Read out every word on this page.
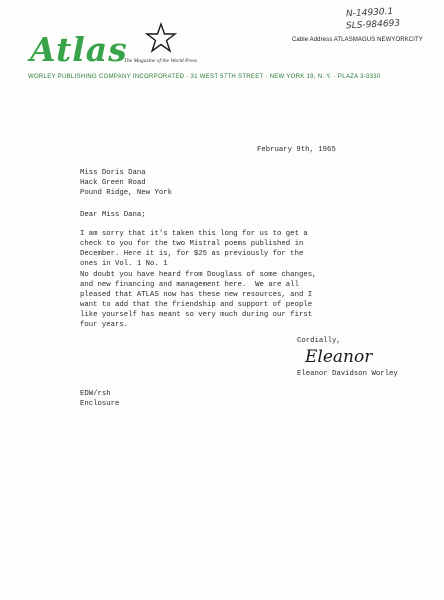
N-14930.1
SLS-984693
Atlas
The Magazine of the World Press
Cable Address ATLASMAGUS NEWYORKCITY
WORLEY PUBLISHING COMPANY INCORPORATED · 31 WEST 57TH STREET · NEW YORK 19, N. Y. · PLAZA 3-3330
February 9th, 1965
Miss Doris Dana
Hack Green Road
Pound Ridge, New York
Dear Miss Dana;
I am sorry that it's taken this long for us to get a
check to you for the two Mistral poems published in
December. Here it is, for $25 as previously for the
ones in Vol. 1 No. 1
No doubt you have heard from Douglass of some changes,
and new financing and management here.  We are all
pleased that ATLAS now has these new resources, and I
want to add that the friendship and support of people
like yourself has meant so very much during our first
four years.
Cordially,
Eleanor
Eleanor Davidson Worley
EDW/rsh
Enclosure
